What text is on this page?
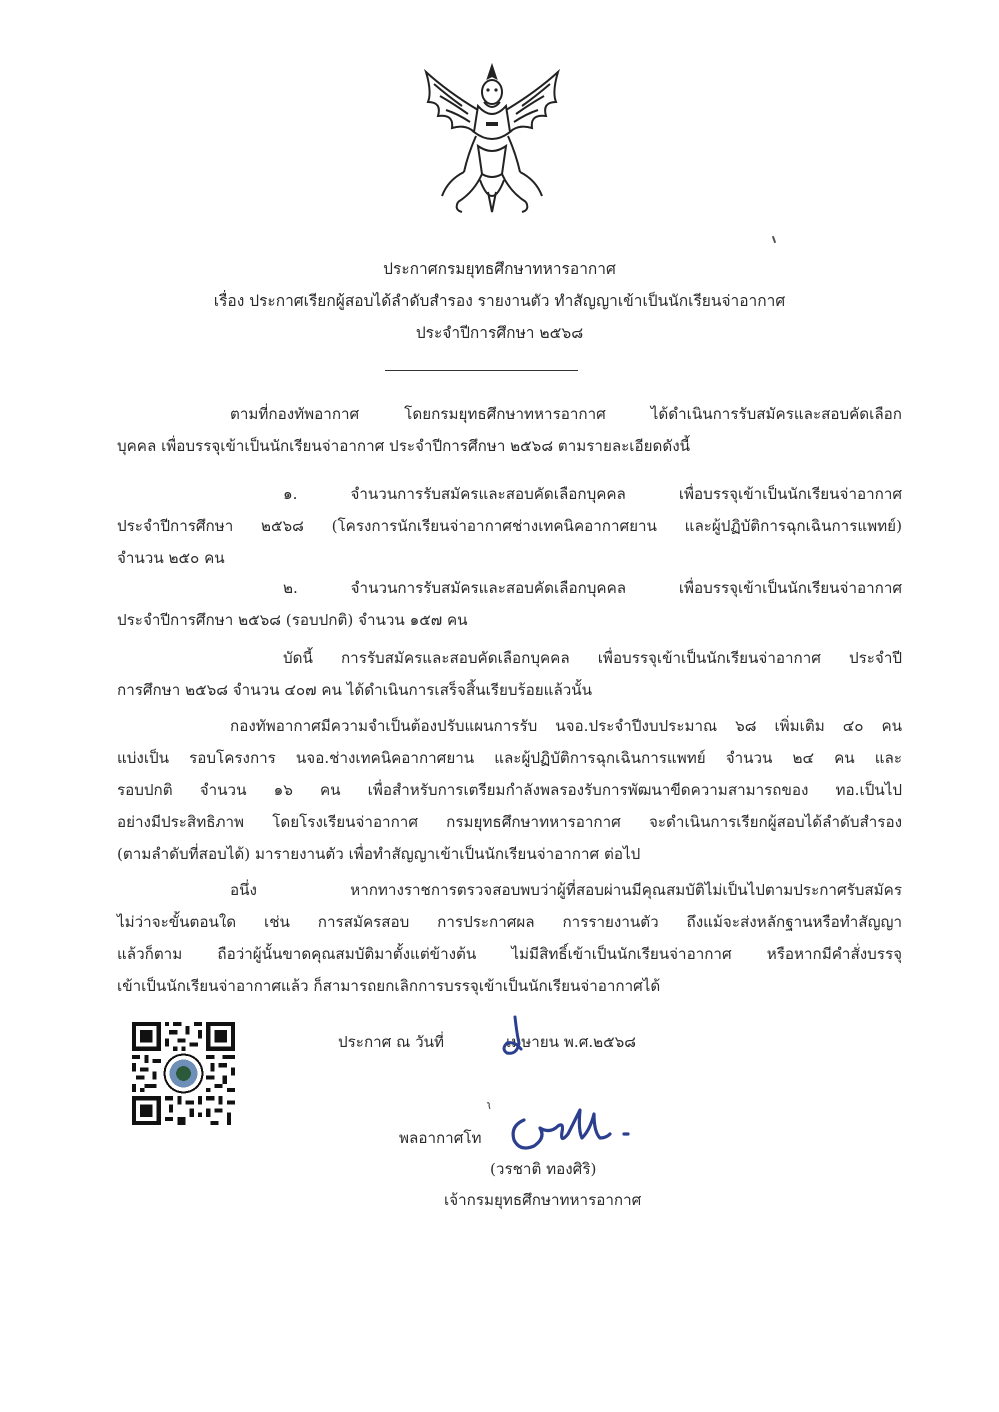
ประกาศกรมยุทธศึกษาทหารอากาศ
เรื่อง ประกาศเรียกผู้สอบได้ลำดับสำรอง รายงานตัว ทำสัญญาเข้าเป็นนักเรียนจ่าอากาศ
ประจำปีการศึกษา ๒๕๖๘
ตามที่กองทัพอากาศ โดยกรมยุทธศึกษาทหารอากาศ ได้ดำเนินการรับสมัครและสอบคัดเลือก
บุคคล เพื่อบรรจุเข้าเป็นนักเรียนจ่าอากาศ ประจำปีการศึกษา ๒๕๖๘ ตามรายละเอียดดังนี้
๑. จำนวนการรับสมัครและสอบคัดเลือกบุคคล เพื่อบรรจุเข้าเป็นนักเรียนจ่าอากาศ
ประจำปีการศึกษา ๒๕๖๘ (โครงการนักเรียนจ่าอากาศช่างเทคนิคอากาศยาน และผู้ปฏิบัติการฉุกเฉินการแพทย์)
จำนวน ๒๕๐ คน
๒. จำนวนการรับสมัครและสอบคัดเลือกบุคคล เพื่อบรรจุเข้าเป็นนักเรียนจ่าอากาศ
ประจำปีการศึกษา ๒๕๖๘ (รอบปกติ) จำนวน ๑๕๗ คน
บัดนี้ การรับสมัครและสอบคัดเลือกบุคคล เพื่อบรรจุเข้าเป็นนักเรียนจ่าอากาศ ประจำปี
การศึกษา ๒๕๖๘ จำนวน ๔๐๗ คน ได้ดำเนินการเสร็จสิ้นเรียบร้อยแล้วนั้น
กองทัพอากาศมีความจำเป็นต้องปรับแผนการรับ นจอ.ประจำปีงบประมาณ ๖๘ เพิ่มเติม ๔๐ คน
แบ่งเป็น รอบโครงการ นจอ.ช่างเทคนิคอากาศยาน และผู้ปฏิบัติการฉุกเฉินการแพทย์ จำนวน ๒๔ คน และ
รอบปกติ จำนวน ๑๖ คน เพื่อสำหรับการเตรียมกำลังพลรองรับการพัฒนาขีดความสามารถของ ทอ.เป็นไป
อย่างมีประสิทธิภาพ โดยโรงเรียนจ่าอากาศ กรมยุทธศึกษาทหารอากาศ จะดำเนินการเรียกผู้สอบได้ลำดับสำรอง
(ตามลำดับที่สอบได้) มารายงานตัว เพื่อทำสัญญาเข้าเป็นนักเรียนจ่าอากาศ ต่อไป
อนึ่ง หากทางราชการตรวจสอบพบว่าผู้ที่สอบผ่านมีคุณสมบัติไม่เป็นไปตามประกาศรับสมัคร
ไม่ว่าจะขั้นตอนใด เช่น การสมัครสอบ การประกาศผล การรายงานตัว ถึงแม้จะส่งหลักฐานหรือทำสัญญา
แล้วก็ตาม ถือว่าผู้นั้นขาดคุณสมบัติมาตั้งแต่ข้างต้น ไม่มีสิทธิ์เข้าเป็นนักเรียนจ่าอากาศ หรือหากมีคำสั่งบรรจุ
เข้าเป็นนักเรียนจ่าอากาศแล้ว ก็สามารถยกเลิกการบรรจุเข้าเป็นนักเรียนจ่าอากาศได้
ประกาศ ณ วันที่	เมษายน พ.ศ.๒๕๖๘
พลอากาศโท
(วรชาติ ทองศิริ)
เจ้ากรมยุทธศึกษาทหารอากาศ
